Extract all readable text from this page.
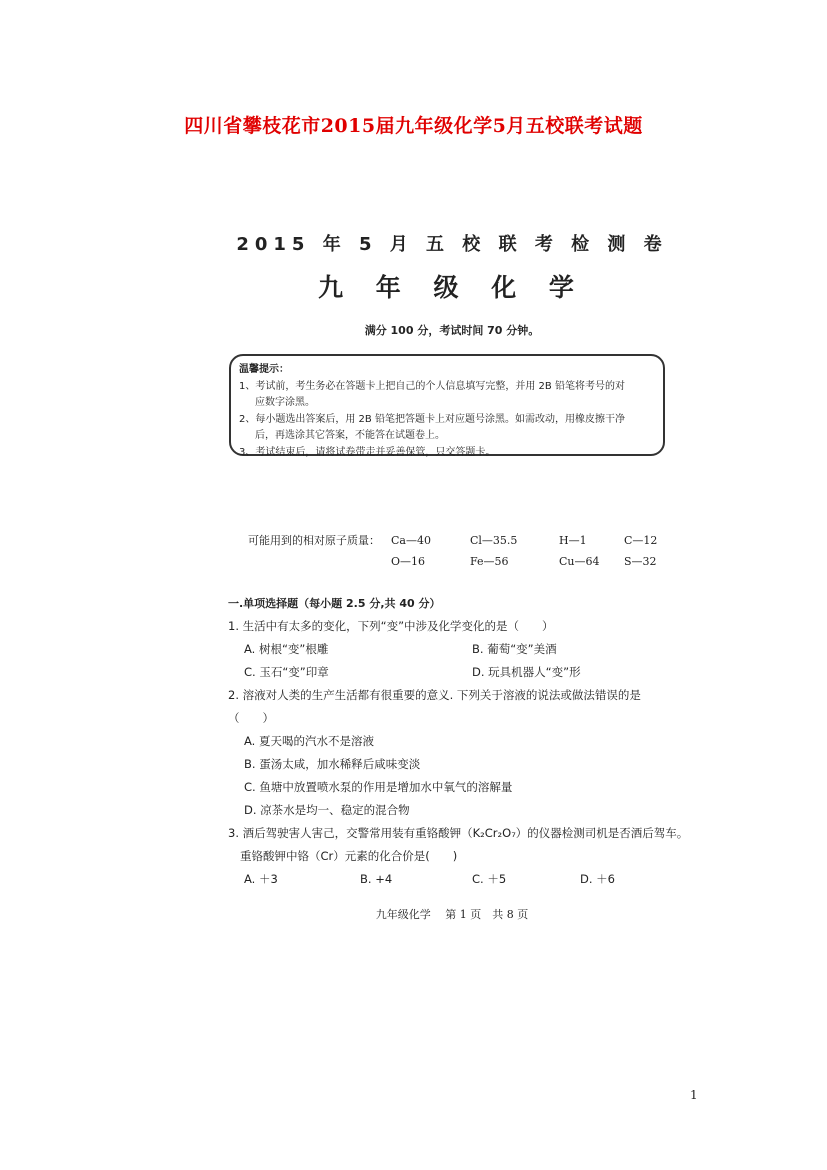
四川省攀枝花市2015届九年级化学5月五校联考试题
2015 年 5 月 五 校 联 考 检 测 卷
九 年 级 化 学
满分 100 分，考试时间 70 分钟。
温馨提示：
1、考试前，考生务必在答题卡上把自己的个人信息填写完整，并用 2B 铅笔将考号的对
应数字涂黑。
2、每小题选出答案后，用 2B 铅笔把答题卡上对应题号涂黑。如需改动，用橡皮擦干净
后，再选涂其它答案，不能答在试题卷上。
3、考试结束后，请将试卷带走并妥善保管，只交答题卡。
可能用到的相对原子质量： Ca—40	Cl—35.5	H—1	C—12
O—16	Fe—56	Cu—64 S—32
一.单项选择题（每小题 2.5 分,共 40 分）
1. 生活中有太多的变化，下列“变”中涉及化学变化的是（　　）
A. 树根“变”根雕	B. 葡萄“变”美酒
C. 玉石“变”印章	D. 玩具机器人“变”形
2. 溶液对人类的生产生活都有很重要的意义. 下列关于溶液的说法或做法错误的是
（　　）
A. 夏天喝的汽水不是溶液
B. 蛋汤太咸，加水稀释后咸味变淡
C. 鱼塘中放置喷水泵的作用是增加水中氧气的溶解量
D. 凉茶水是均一、稳定的混合物
3. 酒后驾驶害人害己，交警常用装有重铬酸钾（K₂Cr₂O₇）的仪器检测司机是否酒后驾车。
重铬酸钾中铬（Cr）元素的化合价是(　　)
A. ＋3	B. +4	C. ＋5	D. ＋6
九年级化学　 第 1 页　共 8 页
1
